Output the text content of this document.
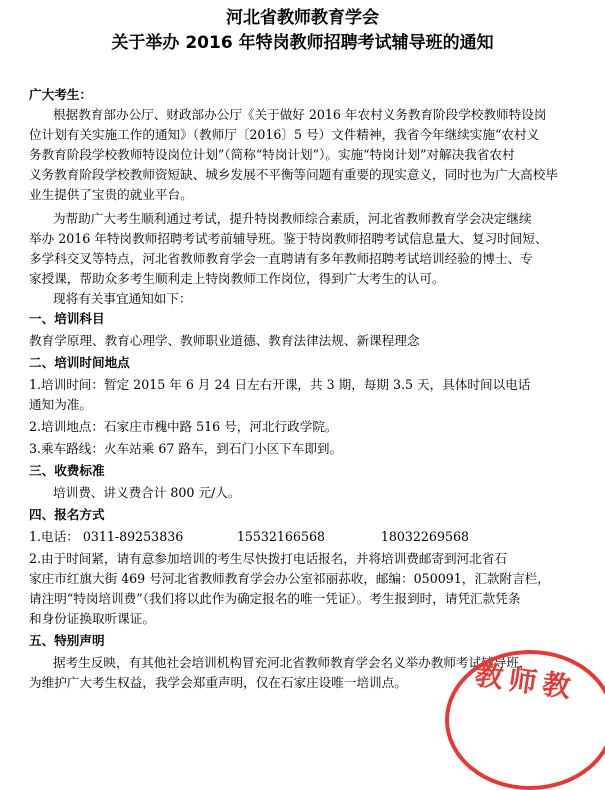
河北省教师教育学会
关于举办 2016 年特岗教师招聘考试辅导班的通知
广大考生：
根据教育部办公厅、财政部办公厅《关于做好 2016 年农村义务教育阶段学校教师特设岗
位计划有关实施工作的通知》（教师厅〔2016〕5 号）文件精神，我省今年继续实施“农村义
务教育阶段学校教师特设岗位计划”（简称“特岗计划”）。实施“特岗计划”对解决我省农村
义务教育阶段学校教师资短缺、城乡发展不平衡等问题有重要的现实意义，同时也为广大高校毕
业生提供了宝贵的就业平台。
为帮助广大考生顺利通过考试，提升特岗教师综合素质，河北省教师教育学会决定继续
举办 2016 年特岗教师招聘考试考前辅导班。鉴于特岗教师招聘考试信息量大、复习时间短、
多学科交叉等特点，河北省教师教育学会一直聘请有多年教师招聘考试培训经验的博士、专
家授课，帮助众多考生顺利走上特岗教师工作岗位，得到广大考生的认可。
现将有关事宜通知如下：
一、培训科目
教育学原理、教育心理学、教师职业道德、教育法律法规、新课程理念
二、培训时间地点
1.培训时间：暂定 2015 年 6 月 24 日左右开课，共 3 期，每期 3.5 天，具体时间以电话
通知为准。
2.培训地点：石家庄市槐中路 516 号，河北行政学院。
3.乘车路线：火车站乘 67 路车，到石门小区下车即到。
三、收费标准
培训费、讲义费合计 800 元/人。
四、报名方式
1.电话： 0311-89253836	15532166568	18032269568
2.由于时间紧，请有意参加培训的考生尽快拨打电话报名，并将培训费邮寄到河北省石
家庄市红旗大街 469 号河北省教师教育学会办公室祁丽荪收，邮编：050091，汇款附言栏，
请注明“特岗培训费”（我们将以此作为确定报名的唯一凭证）。考生报到时，请凭汇款凭条
和身份证换取听课证。
五、特别声明
据考生反映，有其他社会培训机构冒充河北省教师教育学会名义举办教师考试辅导班，
为维护广大考生权益，我学会郑重声明，仅在石家庄设唯一培训点。 教师教
